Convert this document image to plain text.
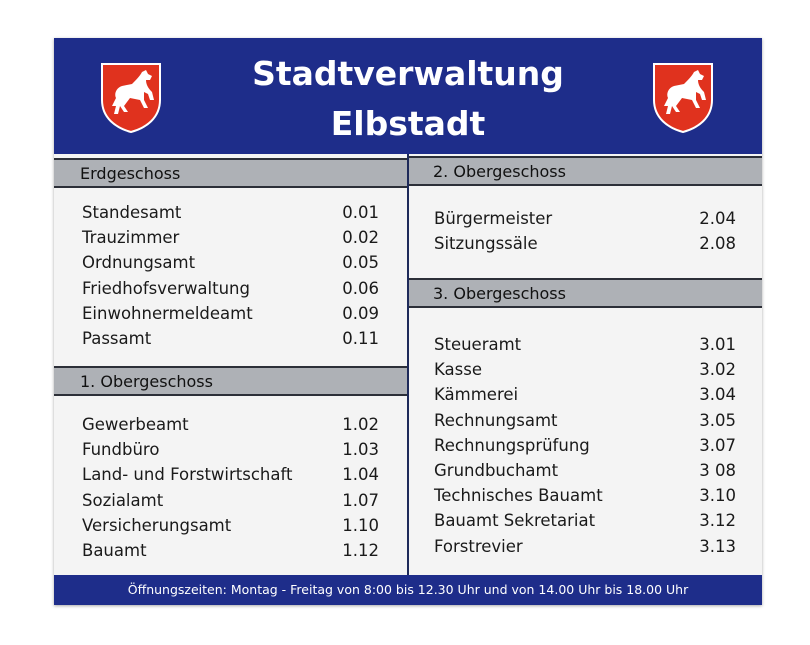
Stadtverwaltung
Elbstadt
Erdgeschoss
Standesamt	0.01
Trauzimmer	0.02
Ordnungsamt	0.05
Friedhofsverwaltung	0.06
Einwohnermeldeamt	0.09
Passamt	0.11
1. Obergeschoss
Gewerbeamt	1.02
Fundbüro	1.03
Land- und Forstwirtschaft	1.04
Sozialamt	1.07
Versicherungsamt	1.10
Bauamt	1.12
2. Obergeschoss
Bürgermeister	2.04
Sitzungssäle	2.08
3. Obergeschoss
Steueramt	3.01
Kasse	3.02
Kämmerei	3.04
Rechnungsamt	3.05
Rechnungsprüfung	3.07
Grundbuchamt	3 08
Technisches Bauamt	3.10
Bauamt Sekretariat	3.12
Forstrevier	3.13
Öffnungszeiten: Montag - Freitag von 8:00 bis 12.30 Uhr und von 14.00 Uhr bis 18.00 Uhr
